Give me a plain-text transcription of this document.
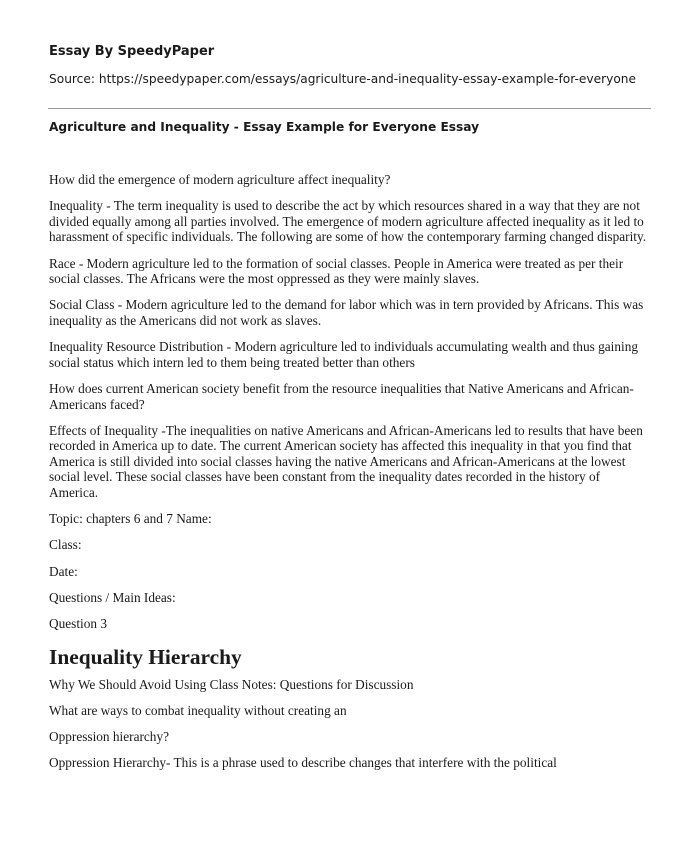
Essay By SpeedyPaper
Source: https://speedypaper.com/essays/agriculture-and-inequality-essay-example-for-everyone
Agriculture and Inequality - Essay Example for Everyone Essay

How did the emergence of modern agriculture affect inequality?

Inequality - The term inequality is used to describe the act by which resources shared in a way that they are not divided equally among all parties involved. The emergence of modern agriculture affected inequality as it led to harassment of specific individuals. The following are some of how the contemporary farming changed disparity.

Race - Modern agriculture led to the formation of social classes. People in America were treated as per their social classes. The Africans were the most oppressed as they were mainly slaves.

Social Class - Modern agriculture led to the demand for labor which was in tern provided by Africans. This was inequality as the Americans did not work as slaves.

Inequality Resource Distribution - Modern agriculture led to individuals accumulating wealth and thus gaining social status which intern led to them being treated better than others

How does current American society benefit from the resource inequalities that Native Americans and African-Americans faced?

Effects of Inequality -The inequalities on native Americans and African-Americans led to results that have been recorded in America up to date. The current American society has affected this inequality in that you find that America is still divided into social classes having the native Americans and African-Americans at the lowest social level. These social classes have been constant from the inequality dates recorded in the history of America.

Topic: chapters 6 and 7 Name:

Class:

Date:

Questions / Main Ideas:

Question 3

Inequality Hierarchy

Why We Should Avoid Using Class Notes: Questions for Discussion

What are ways to combat inequality without creating an

Oppression hierarchy?

Oppression Hierarchy- This is a phrase used to describe changes that interfere with the political
